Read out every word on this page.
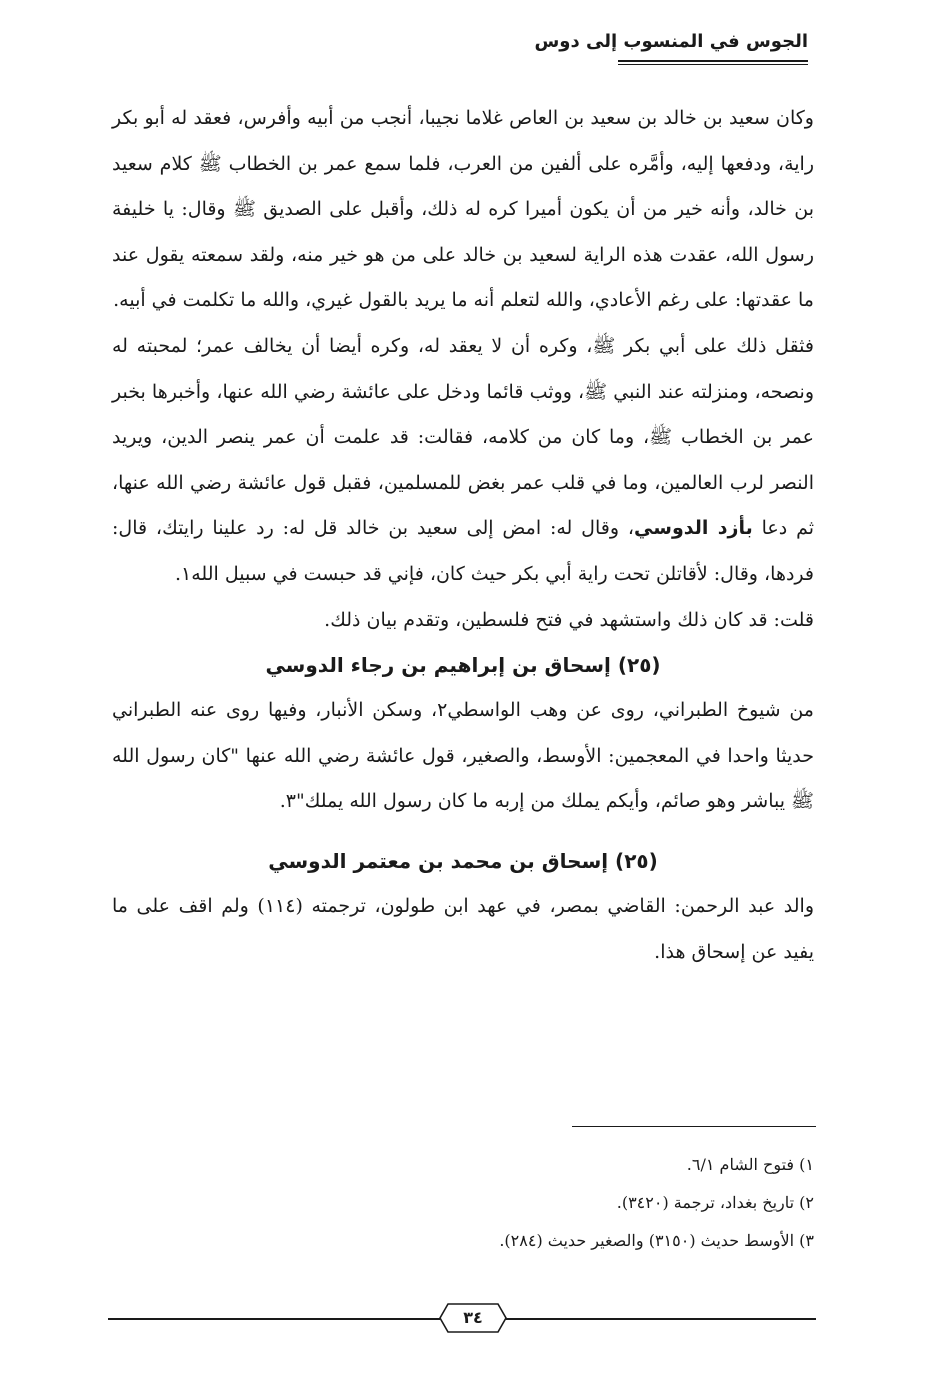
الجوس في المنسوب إلى دوس

وكان سعيد بن خالد بن سعيد بن العاص غلاما نجيبا، أنجب من أبيه وأفرس، فعقد له أبو بكر راية، ودفعها إليه، وأمَّره على ألفين من العرب، فلما سمع عمر بن الخطاب ﷺ كلام سعيد بن خالد، وأنه خير من أن يكون أميرا كره له ذلك، وأقبل على الصديق ﷺ وقال: يا خليفة رسول الله، عقدت هذه الراية لسعيد بن خالد على من هو خير منه، ولقد سمعته يقول عند ما عقدتها: على رغم الأعادي، والله لتعلم أنه ما يريد بالقول غيري، والله ما تكلمت في أبيه.

فثقل ذلك على أبي بكر ﷺ، وكره أن لا يعقد له، وكره أيضا أن يخالف عمر؛ لمحبته له ونصحه، ومنزلته عند النبي ﷺ، ووثب قائما ودخل على عائشة رضي الله عنها، وأخبرها بخبر عمر بن الخطاب ﷺ، وما كان من كلامه، فقالت: قد علمت أن عمر ينصر الدين، ويريد النصر لرب العالمين، وما في قلب عمر بغض للمسلمين، فقبل قول عائشة رضي الله عنها، ثم دعا بأزد الدوسي، وقال له: امض إلى سعيد بن خالد قل له: رد علينا رايتك، قال: فردها، وقال: لأقاتلن تحت راية أبي بكر حيث كان، فإني قد حبست في سبيل الله١.

قلت: قد كان ذلك واستشهد في فتح فلسطين، وتقدم بيان ذلك.

(٢٥) إسحاق بن إبراهيم بن رجاء الدوسي

من شيوخ الطبراني، روى عن وهب الواسطي٢، وسكن الأنبار، وفيها روى عنه الطبراني حديثا واحدا في المعجمين: الأوسط، والصغير، قول عائشة رضي الله عنها "كان رسول الله ﷺ يباشر وهو صائم، وأيكم يملك من إربه ما كان رسول الله يملك"٣.

(٢٥) إسحاق بن محمد بن معتمر الدوسي

والد عبد الرحمن: القاضي بمصر، في عهد ابن طولون، ترجمته (١١٤) ولم اقف على ما يفيد عن إسحاق هذا.

١) فتوح الشام ٦/١.

٢) تاريخ بغداد، ترجمة (٣٤٢٠).

٣) الأوسط حديث (٣١٥٠) والصغير حديث (٢٨٤).

٣٤
